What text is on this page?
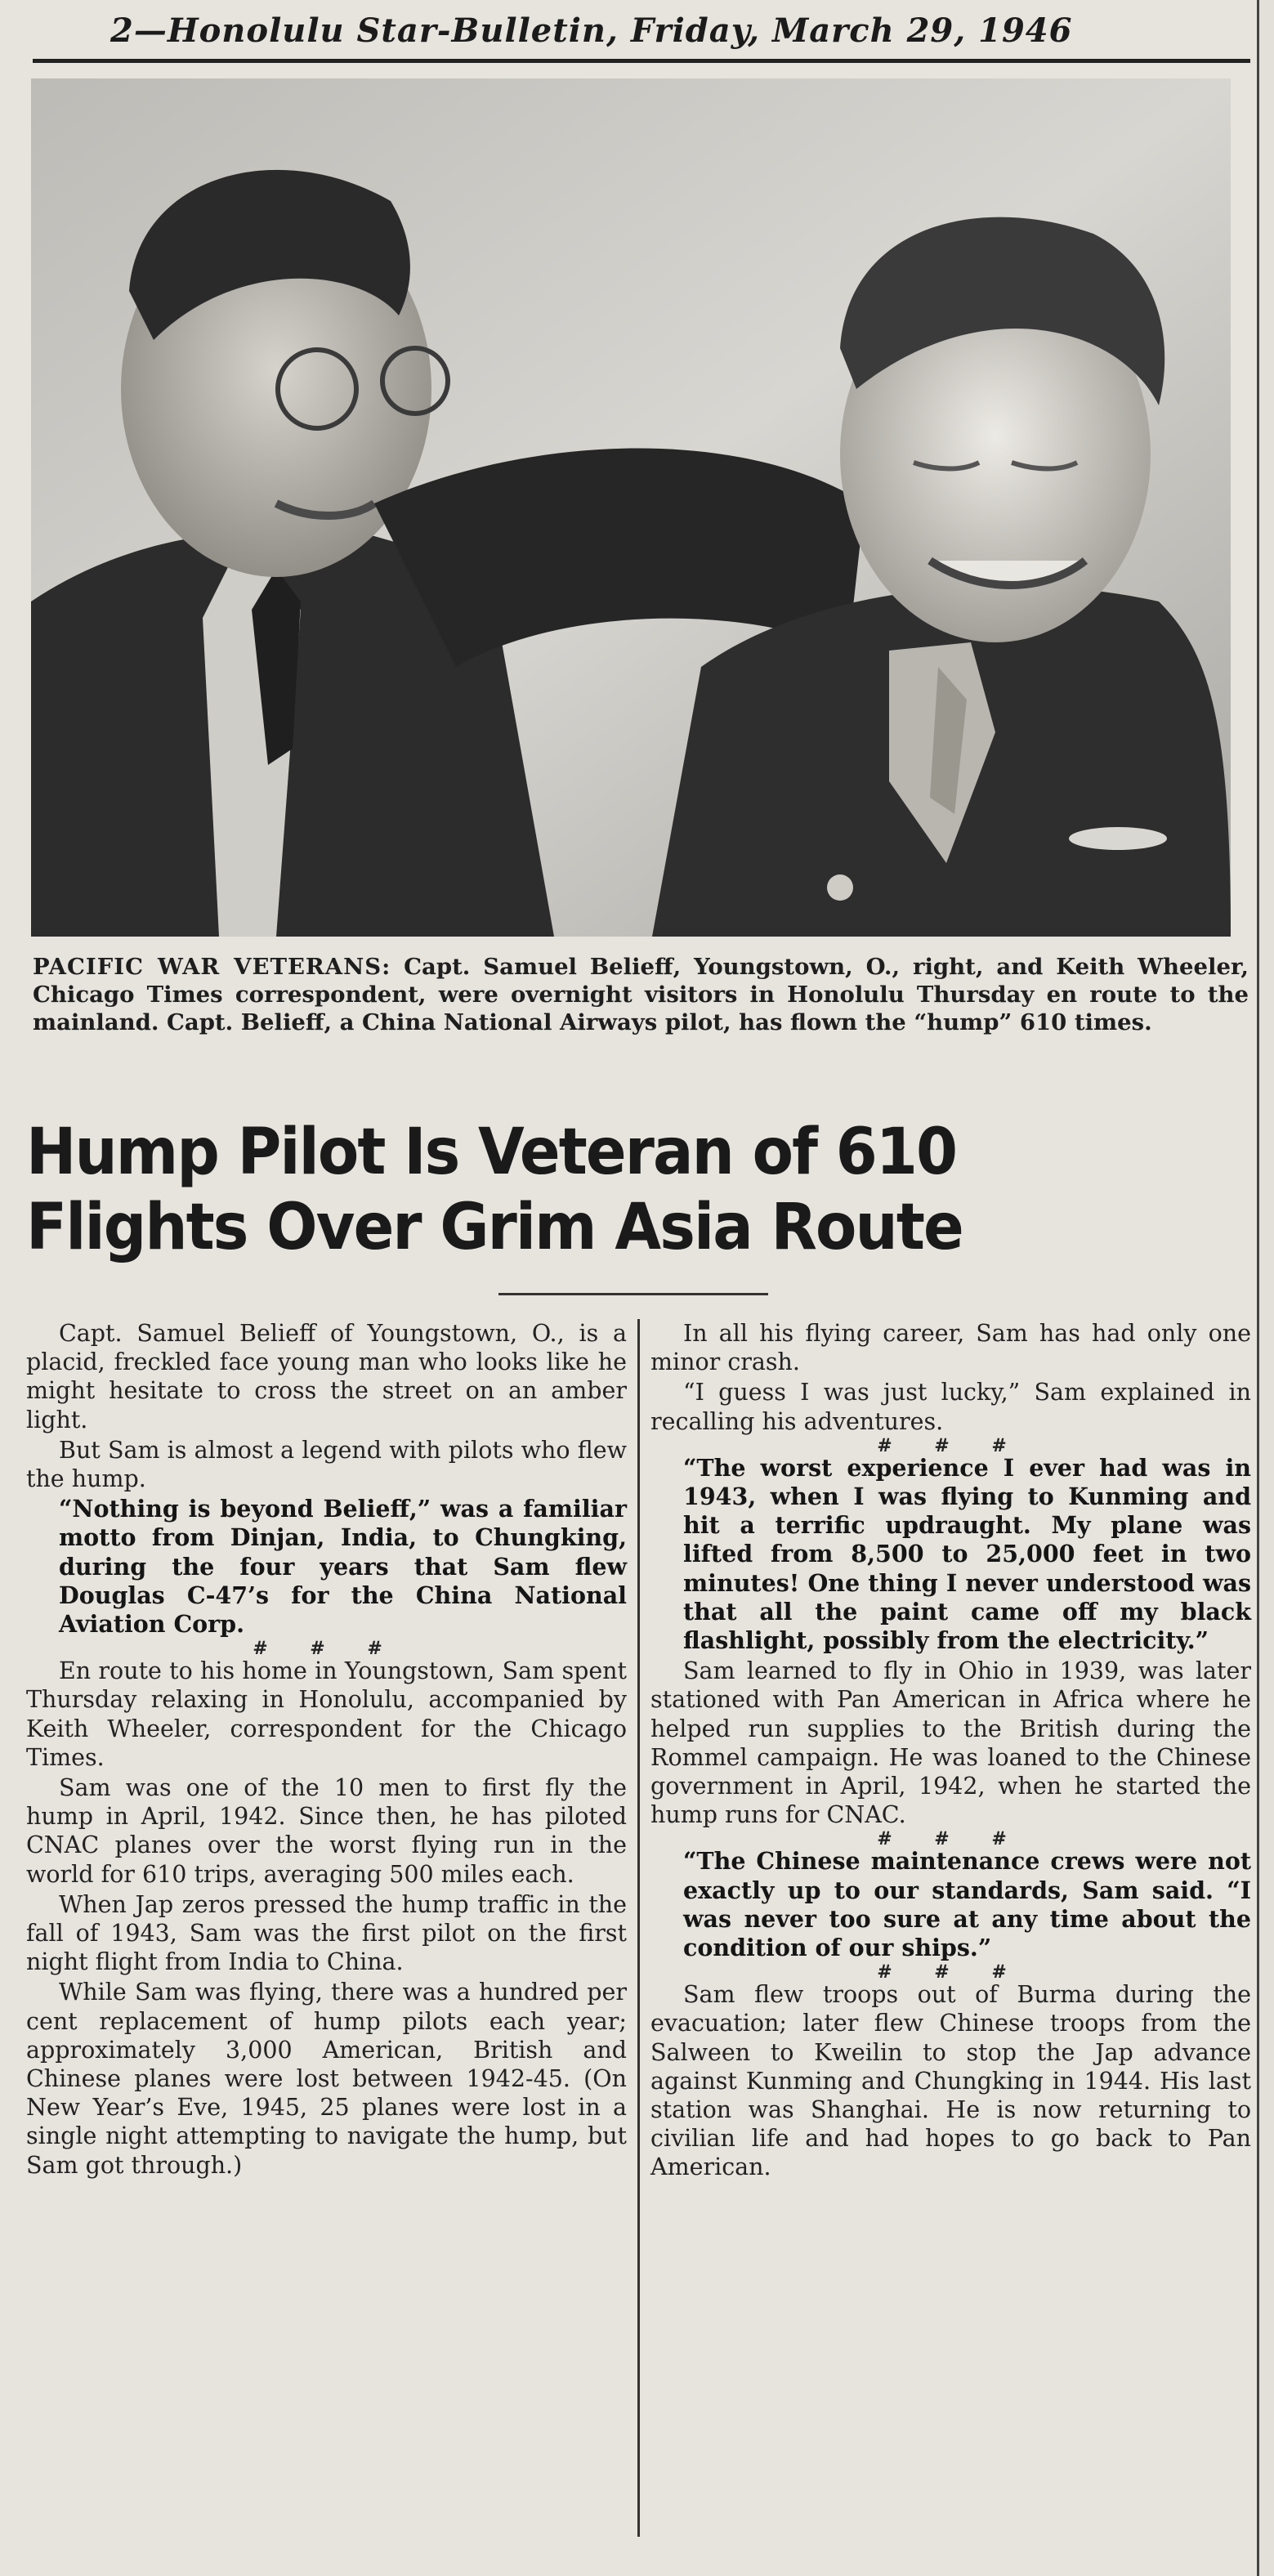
2—Honolulu Star-Bulletin, Friday, March 29, 1946
PACIFIC WAR VETERANS: Capt. Samuel Belieff, Youngstown, O., right, and Keith Wheeler, Chicago Times correspondent, were overnight visitors in Honolulu Thursday en route to the mainland. Capt. Belieff, a China National Airways pilot, has flown the “hump” 610 times.
Hump Pilot Is Veteran of 610
Flights Over Grim Asia Route

Capt. Samuel Belieff of Youngstown, O., is a placid, freckled face young man who looks like he might hesitate to cross the street on an amber light.

But Sam is almost a legend with pilots who flew the hump.

“Nothing is beyond Belieff,” was a familiar motto from Dinjan, India, to Chungking, during the four years that Sam flew Douglas C-47’s for the China National Aviation Corp.

# # #

En route to his home in Youngstown, Sam spent Thursday relaxing in Honolulu, accompanied by Keith Wheeler, correspondent for the Chicago Times.

Sam was one of the 10 men to first fly the hump in April, 1942. Since then, he has piloted CNAC planes over the worst flying run in the world for 610 trips, averaging 500 miles each.

When Jap zeros pressed the hump traffic in the fall of 1943, Sam was the first pilot on the first night flight from India to China.

While Sam was flying, there was a hundred per cent replacement of hump pilots each year; approximately 3,000 American, British and Chinese planes were lost between 1942-45. (On New Year’s Eve, 1945, 25 planes were lost in a single night attempting to navigate the hump, but Sam got through.)

In all his flying career, Sam has had only one minor crash.

“I guess I was just lucky,” Sam explained in recalling his adventures.

# # #

“The worst experience I ever had was in 1943, when I was flying to Kunming and hit a terrific updraught. My plane was lifted from 8,500 to 25,000 feet in two minutes! One thing I never understood was that all the paint came off my black flashlight, possibly from the electricity.”

Sam learned to fly in Ohio in 1939, was later stationed with Pan American in Africa where he helped run supplies to the British during the Rommel campaign. He was loaned to the Chinese government in April, 1942, when he started the hump runs for CNAC.

# # #

“The Chinese maintenance crews were not exactly up to our standards, Sam said. “I was never too sure at any time about the condition of our ships.”

# # #

Sam flew troops out of Burma during the evacuation; later flew Chinese troops from the Salween to Kweilin to stop the Jap advance against Kunming and Chungking in 1944. His last station was Shanghai. He is now returning to civilian life and had hopes to go back to Pan American.
